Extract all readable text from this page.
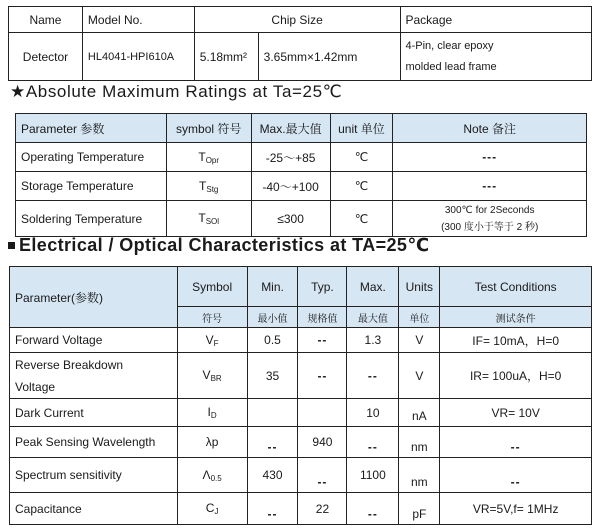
Name	Model No.	Chip Size		Package
Detector	HL4041-HPI610A	5.18mm²	3.65mm×1.42mm	4-Pin, clear epoxy
molded lead frame
★Absolute Maximum Ratings at Ta=25℃
Parameter 参数	symbol 符号	Max.最大值	unit 单位	Note 备注
Operating Temperature	$T_{Opr}$	-25～+85	℃	---
Storage Temperature	$T_{Stg}$	-40～+100	℃	---
Soldering Temperature	$T_{SOl}$	≤300	℃	300℃ for 2Seconds
(300 度小于等于 2 秒)
Electrical / Optical Characteristics at TA=25℃
Parameter(参数)	Symbol	Min.	Typ.	Max.	Units	Test Conditions
	符号	最小值	规格值	最大值	单位	测试条件
Forward Voltage	$V_F$	0.5	--	1.3	V	IF= 10mA，H=0

Reverse Breakdown
Voltage	$V_{BR}$	35	--	--	V	IR= 100uA，H=0
Dark Current	$I_D$			10	nA	VR= 10V
Peak Sensing Wavelength	λp	--	940	--	nm	--
Spectrum sensitivity	$\Lambda_{0.5}$	430	--	1100	nm	--
Capacitance	$C_J$	--	22	--	pF	VR=5V,f= 1MHz
